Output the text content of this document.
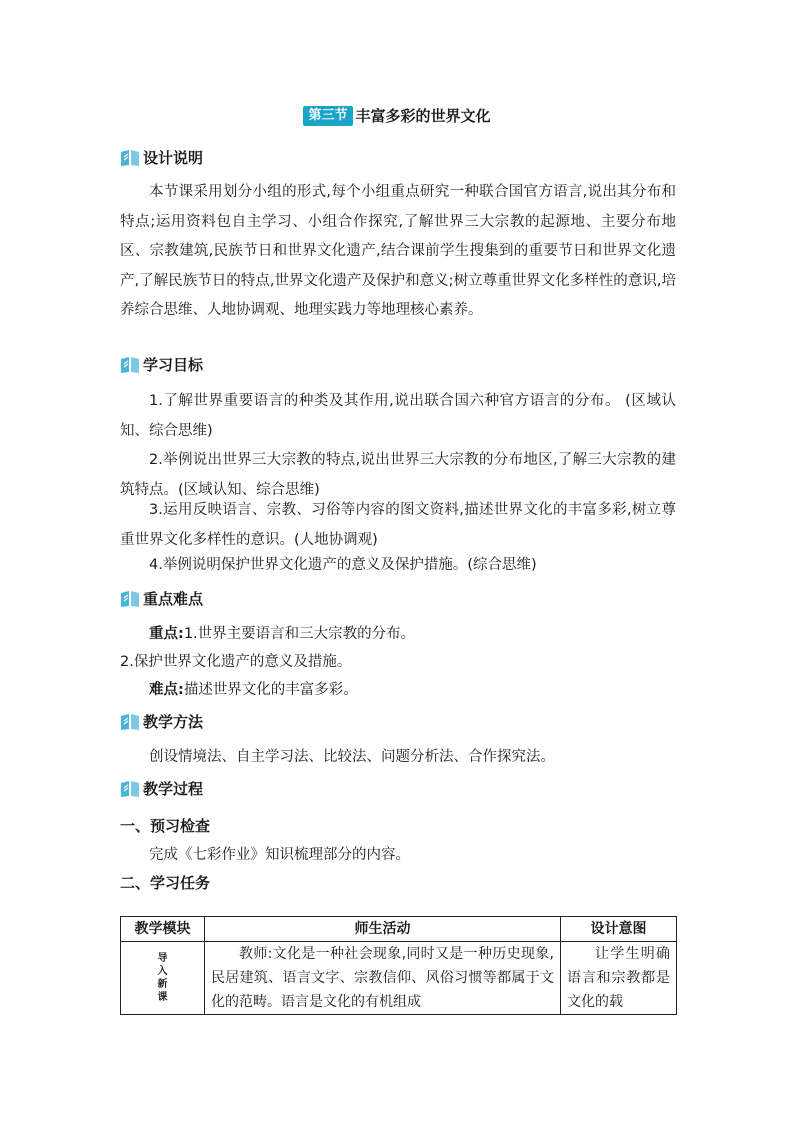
第三节 丰富多彩的世界文化
设计说明

本节课采用划分小组的形式,每个小组重点研究一种联合国官方语言,说出其分布和特点;运用资料包自主学习、小组合作探究,了解世界三大宗教的起源地、主要分布地区、宗教建筑,民族节日和世界文化遗产,结合课前学生搜集到的重要节日和世界文化遗产,了解民族节日的特点,世界文化遗产及保护和意义;树立尊重世界文化多样性的意识,培养综合思维、人地协调观、地理实践力等地理核心素养。

学习目标

1.了解世界重要语言的种类及其作用,说出联合国六种官方语言的分布。 (区域认知、综合思维)

2.举例说出世界三大宗教的特点,说出世界三大宗教的分布地区,了解三大宗教的建筑特点。(区域认知、综合思维)

3.运用反映语言、宗教、习俗等内容的图文资料,描述世界文化的丰富多彩,树立尊重世界文化多样性的意识。(人地协调观)

4.举例说明保护世界文化遗产的意义及保护措施。(综合思维)

重点难点
重点:1.世界主要语言和三大宗教的分布。
2.保护世界文化遗产的意义及措施。
难点:描述世界文化的丰富多彩。
教学方法
创设情境法、自主学习法、比较法、问题分析法、合作探究法。
教学过程
一、预习检查
完成《七彩作业》知识梳理部分的内容。
二、学习任务
教学模块	师生活动	设计意图

导
入
新
课	教师:文化是一种社会现象,同时又是一种历史现象,民居建筑、语言文字、宗教信仰、风俗习惯等都属于文化的范畴。语言是文化的有机组成	让学生明确语言和宗教都是文化的载
